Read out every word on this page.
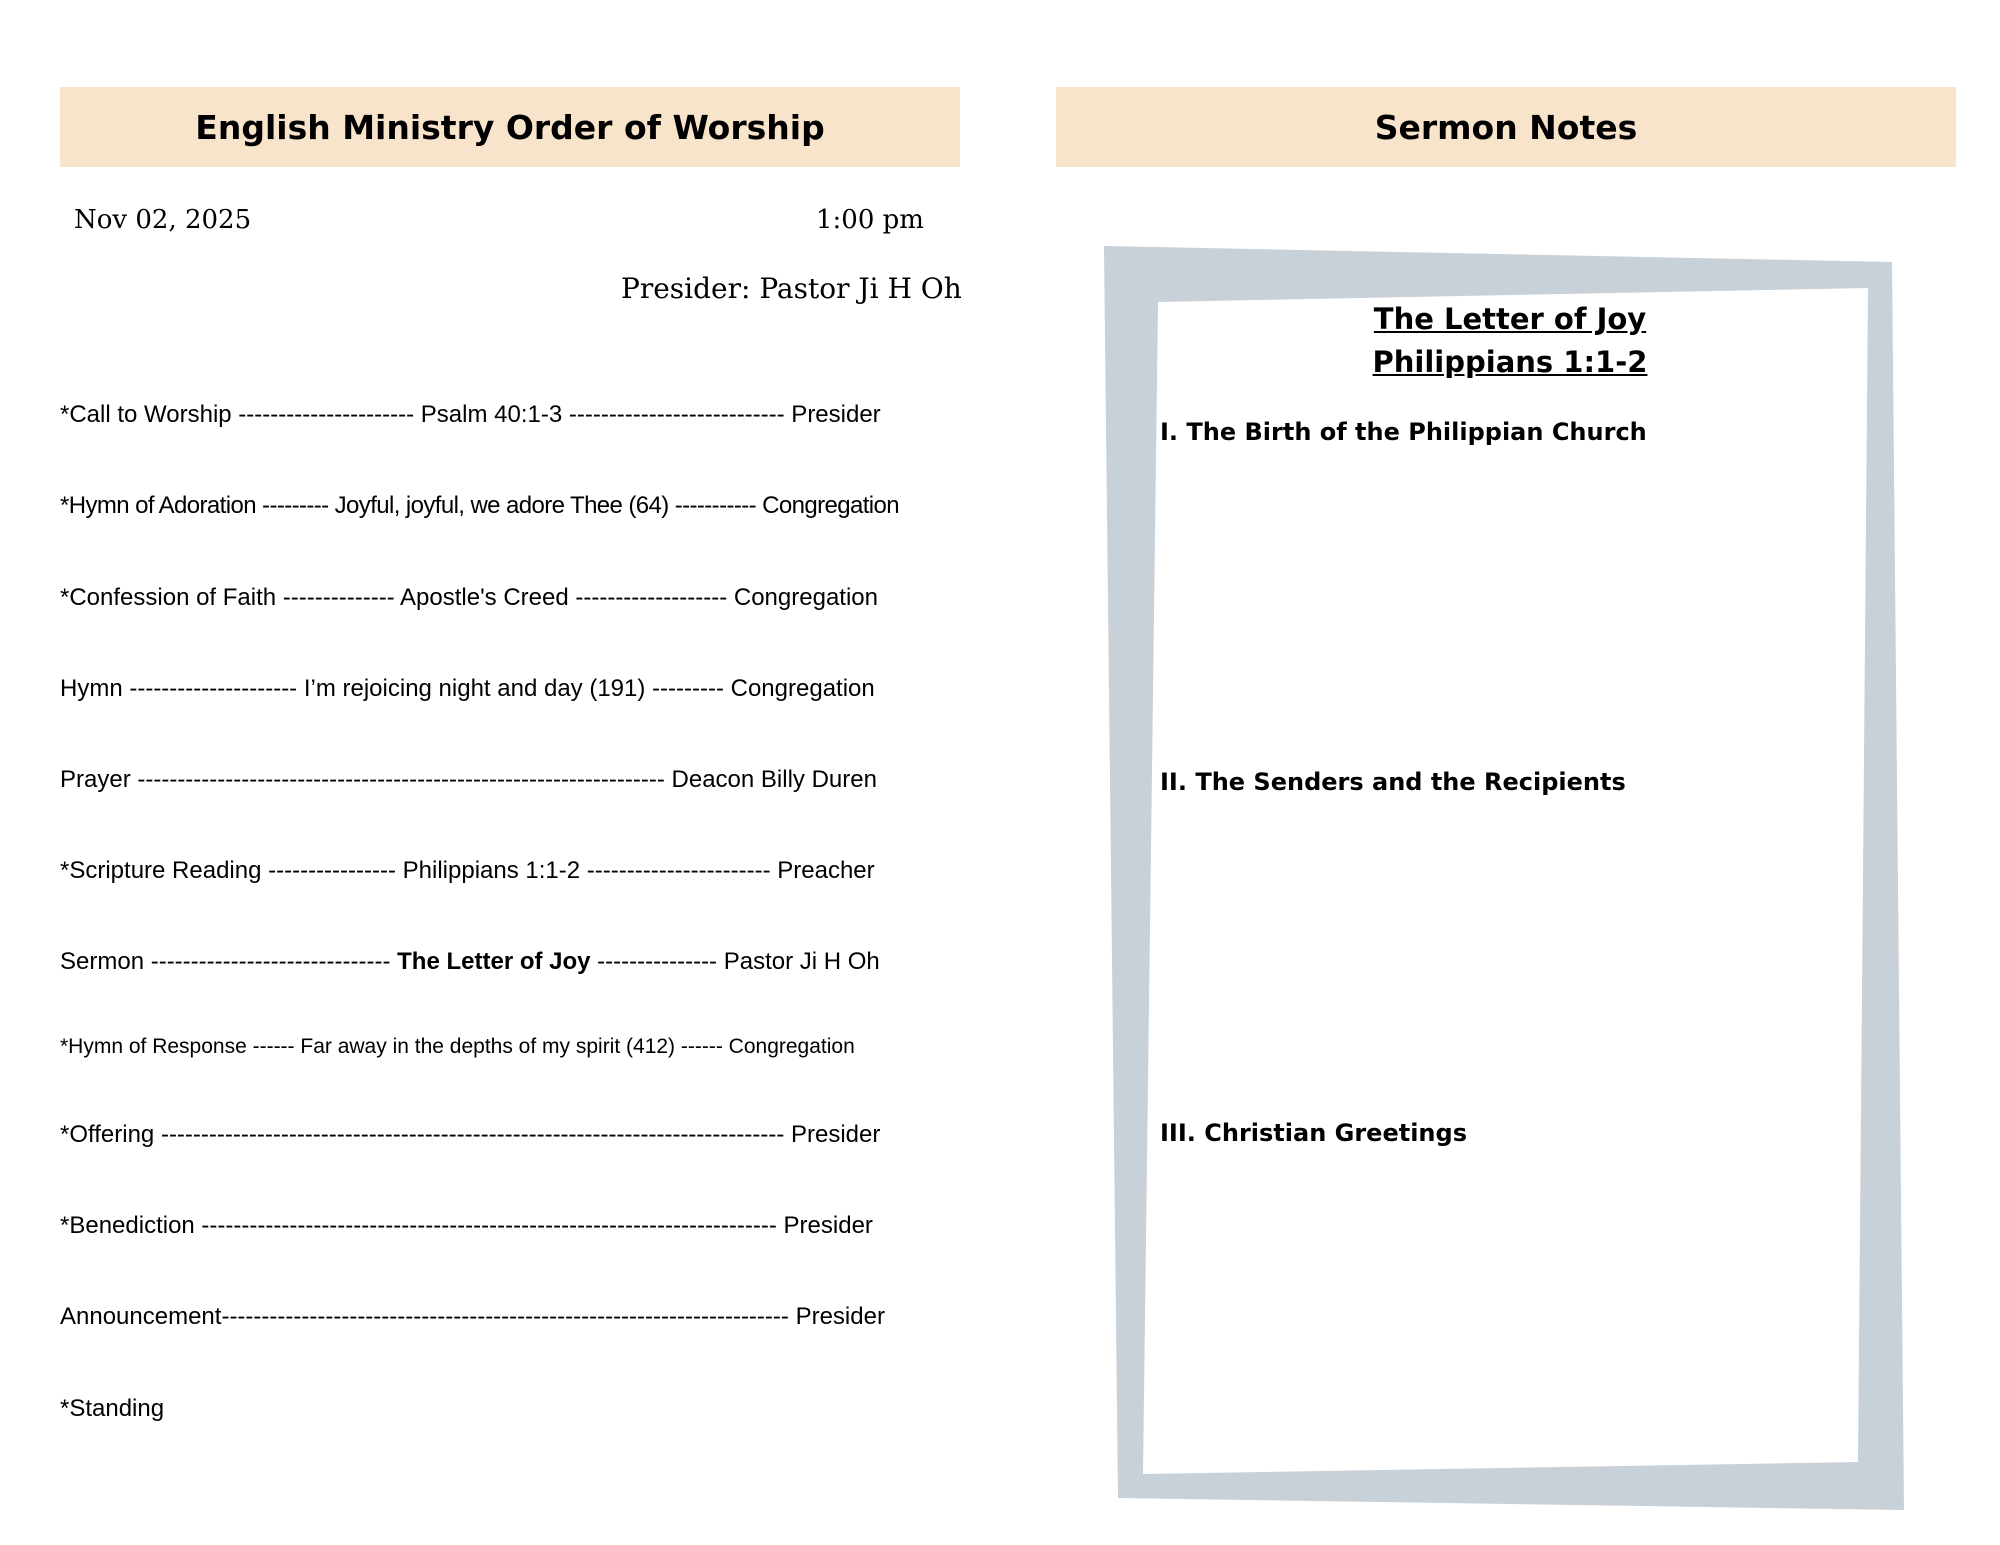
English Ministry Order of Worship
Nov 02, 2025	1:00 pm
Presider: Pastor Ji H Oh
*Call to Worship ---------------------- Psalm 40:1-3 --------------------------- Presider
*Hymn of Adoration --------- Joyful, joyful, we adore Thee (64) ----------- Congregation
*Confession of Faith -------------- Apostle's Creed ------------------- Congregation
Hymn --------------------- I’m rejoicing night and day (191) --------- Congregation
Prayer ------------------------------------------------------------------ Deacon Billy Duren
*Scripture Reading ---------------- Philippians 1:1-2 ----------------------- Preacher
Sermon ------------------------------ The Letter of Joy --------------- Pastor Ji H Oh
*Hymn of Response ------ Far away in the depths of my spirit (412) ------ Congregation
*Offering ------------------------------------------------------------------------------ Presider
*Benediction ------------------------------------------------------------------------ Presider
Announcement----------------------------------------------------------------------- Presider
*Standing
Sermon Notes
The Letter of Joy
Philippians 1:1-2
I. The Birth of the Philippian Church
II. The Senders and the Recipients
III. Christian Greetings
